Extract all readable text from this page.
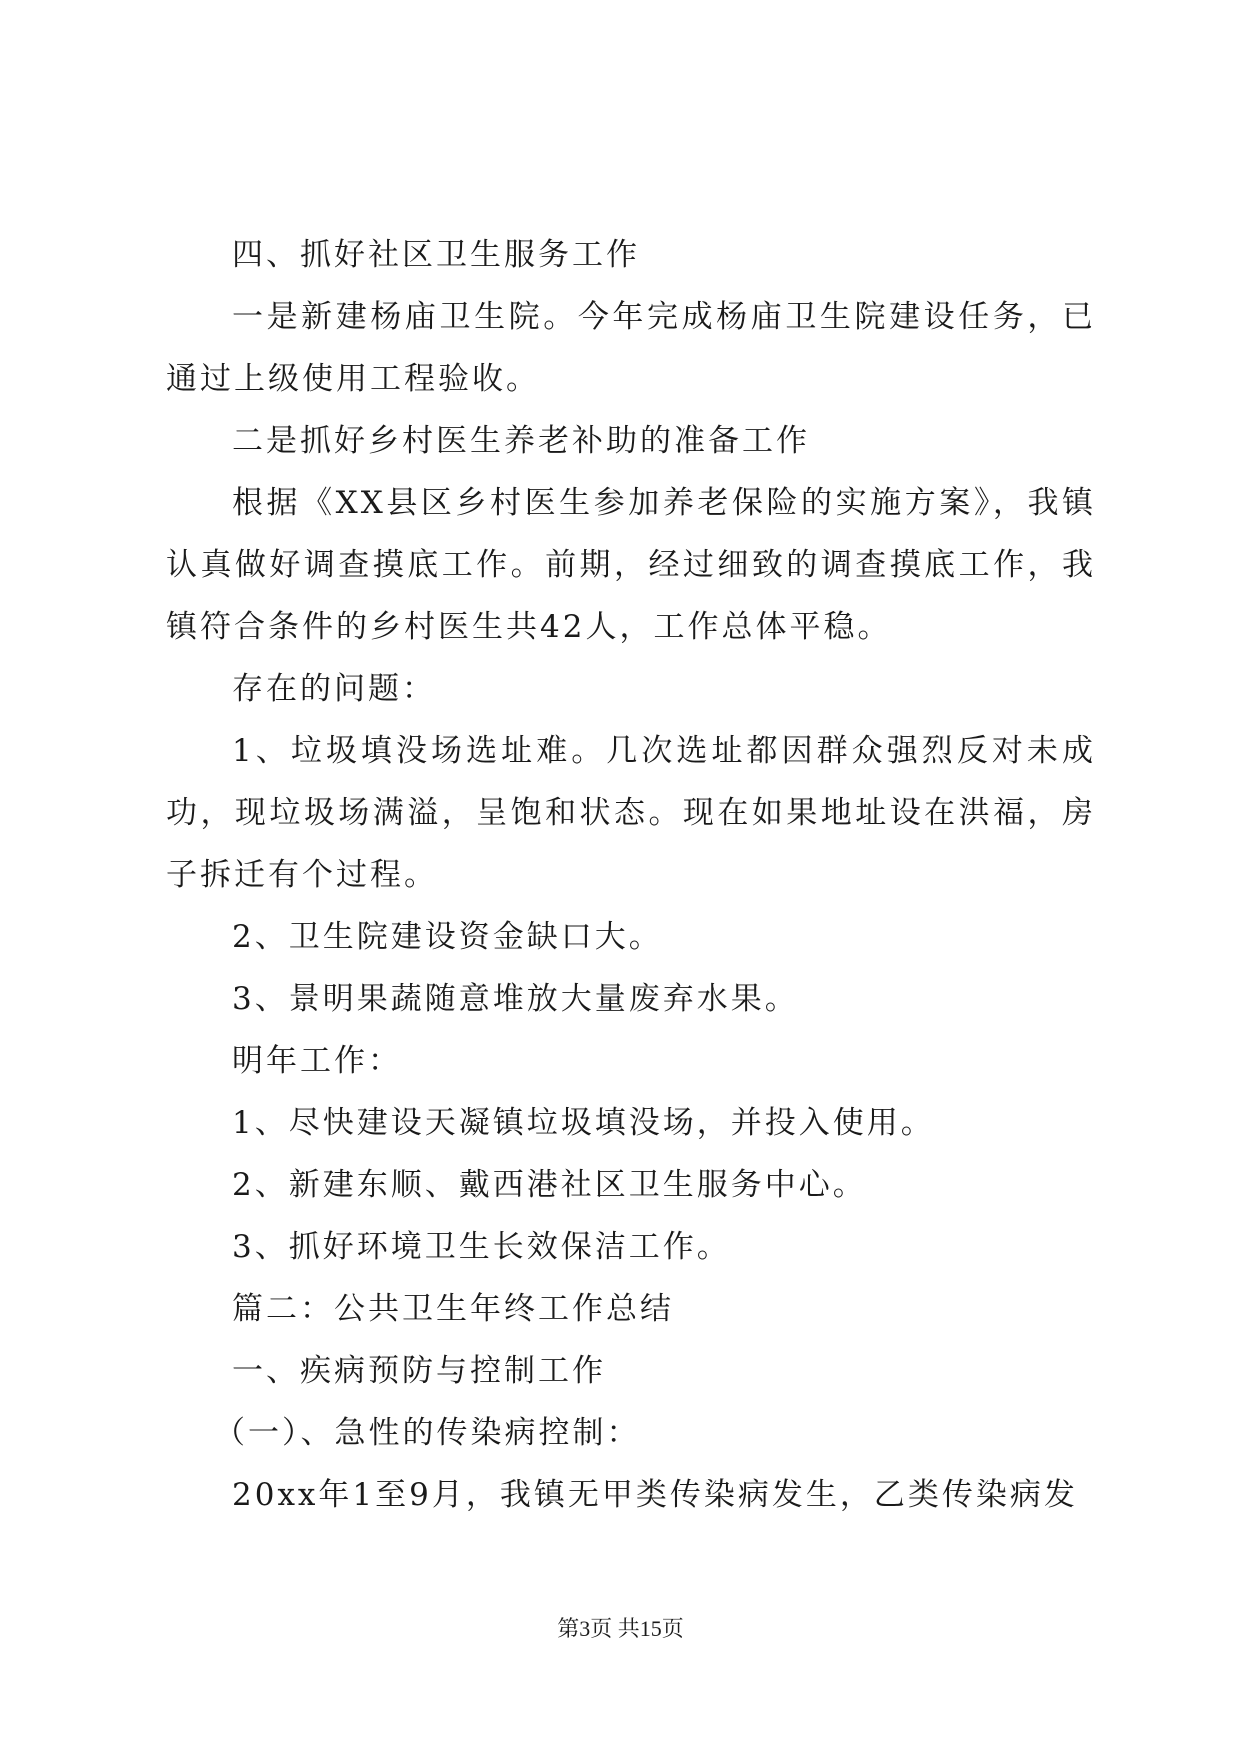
四、抓好社区卫生服务工作

一是新建杨庙卫生院。今年完成杨庙卫生院建设任务，已通过上级使用工程验收。

二是抓好乡村医生养老补助的准备工作

根据《XX县区乡村医生参加养老保险的实施方案》，我镇认真做好调查摸底工作。前期，经过细致的调查摸底工作，我镇符合条件的乡村医生共42人，工作总体平稳。

存在的问题：

1、垃圾填没场选址难。几次选址都因群众强烈反对未成功，现垃圾场满溢，呈饱和状态。现在如果地址设在洪福，房子拆迁有个过程。

2、卫生院建设资金缺口大。

3、景明果蔬随意堆放大量废弃水果。

明年工作：

1、尽快建设天凝镇垃圾填没场，并投入使用。

2、新建东顺、戴西港社区卫生服务中心。

3、抓好环境卫生长效保洁工作。

篇二：公共卫生年终工作总结

一、疾病预防与控制工作

（一）、急性的传染病控制：

20xx年1至9月，我镇无甲类传染病发生，乙类传染病发

第3页 共15页
